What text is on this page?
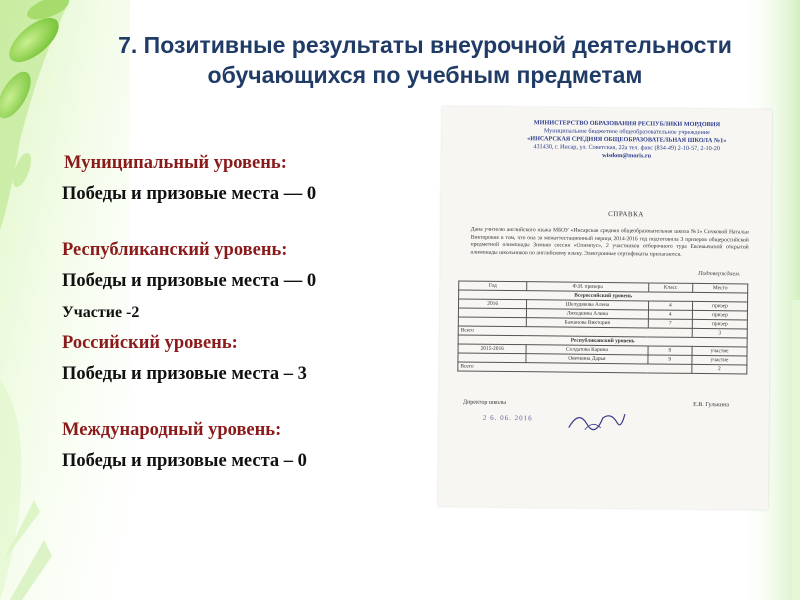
7. Позитивные результаты внеурочной деятельности
обучающихся по учебным предметам
Муниципальный уровень:
Победы и призовые места — 0
Республиканский уровень:
Победы и призовые места — 0
Участие -2
Российский уровень:
Победы и призовые места – 3
Международный уровень:
Победы и призовые места – 0
МИНИСТЕРСТВО ОБРАЗОВАНИЯ РЕСПУБЛИКИ МОРДОВИЯ
Муниципальное бюджетное общеобразовательное учреждение
«ИНСАРСКАЯ СРЕДНЯЯ ОБЩЕОБРАЗОВАТЕЛЬНАЯ ШКОЛА №1»
431430, г. Инсар, ул. Советская, 22а тел. факс (834-49) 2-10-57, 2-10-20
wisdom@moris.ru
СПРАВКА
Дана учителю английского языка МБОУ «Инсарская средняя общеобразовательная школа №1» Сичковой Натальи Викторовне в том, что она за межаттестационный период 2014-2016 год подготовила 3 призеров общероссийской предметной олимпиады Зимняя сессия «Олимпус», 2 участников отборочного тура Евсевьевской открытой олимпиады школьников по английскому языку. Электронные сертификаты прилагаются.
Подтверждаем.
Год	Ф.И. призера	Класс	Место
Всероссийский уровень			
2016	Шелудякова Алена	4	призер
	Лиходкина Алина	4	призер
	Бажанова Виктория	7	призер
Всего			3
Республиканский уровень			
2015-2016	Солдатова Карина	9	участие
	Овечкина Дарья	9	участие
Всего			2
Директор школы	Е.В. Гулькина
2 6. 06. 2016
